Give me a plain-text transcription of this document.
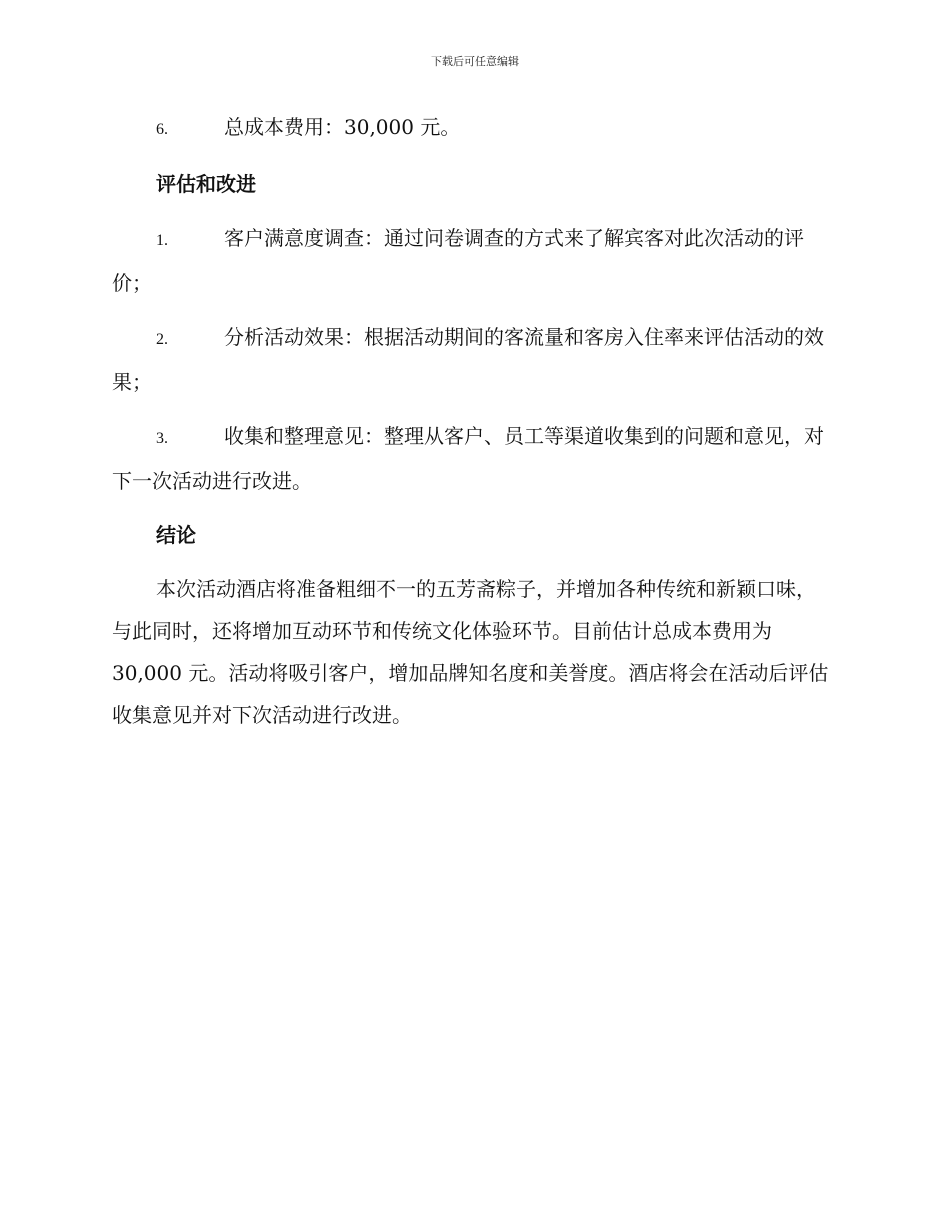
下载后可任意编辑

6.	总成本费用：30,000 元。

评估和改进

1.	客户满意度调查：通过问卷调查的方式来了解宾客对此次活动的评价；

2.	分析活动效果：根据活动期间的客流量和客房入住率来评估活动的效果；

3.	收集和整理意见：整理从客户、员工等渠道收集到的问题和意见，对下一次活动进行改进。

结论

本次活动酒店将准备粗细不一的五芳斋粽子，并增加各种传统和新颖口味，与此同时，还将增加互动环节和传统文化体验环节。目前估计总成本费用为 30,000 元。活动将吸引客户，增加品牌知名度和美誉度。酒店将会在活动后评估收集意见并对下次活动进行改进。
